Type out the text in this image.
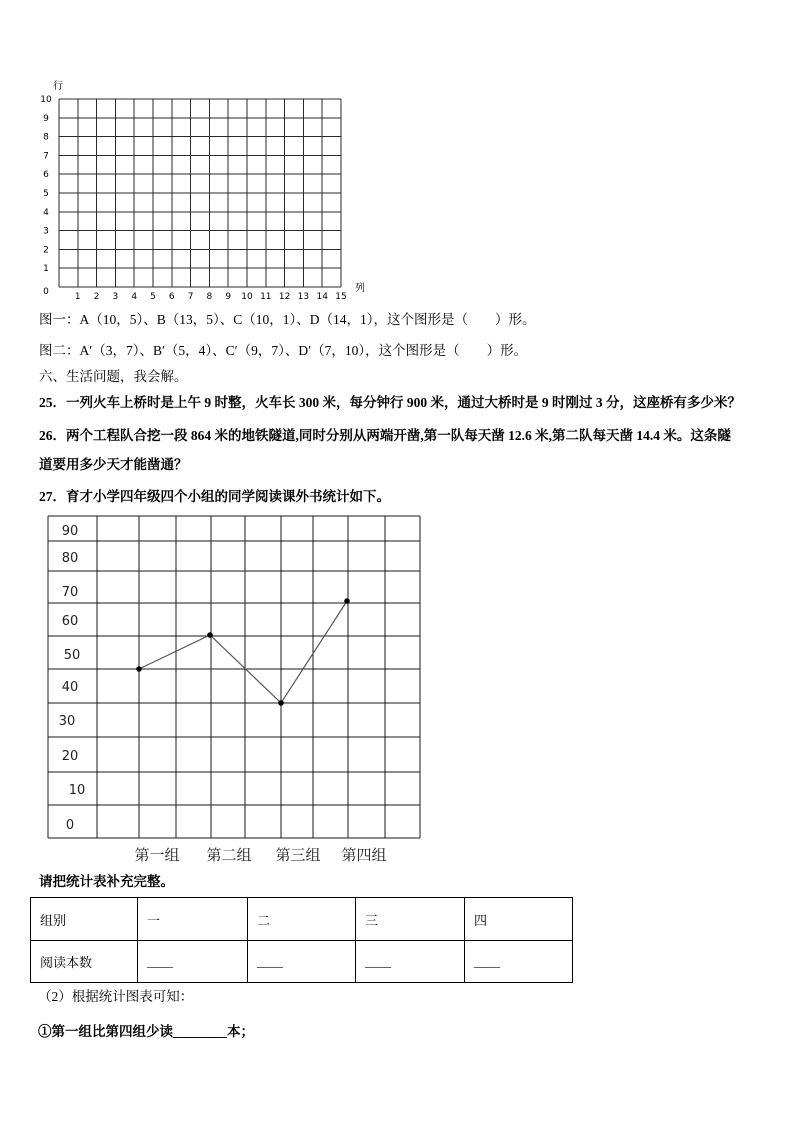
0
1
2
3
4
5
6
7
8
9
10
1 2 3 4 5 6 7 8 9 10 11 12 13 14 15
行
列
图一：A（10，5）、B（13，5）、C（10，1）、D（14，1），这个图形是（　　）形。
图二：A′（3，7）、B′（5，4）、C′（9，7）、D′（7，10），这个图形是（　　）形。
六、生活问题，我会解。
25．一列火车上桥时是上午 9 时整，火车长 300 米，每分钟行 900 米，通过大桥时是 9 时刚过 3 分，这座桥有多少米？
26．两个工程队合挖一段 864 米的地铁隧道,同时分别从两端开凿,第一队每天凿 12.6 米,第二队每天凿 14.4 米。这条隧
道要用多少天才能凿通？
27．育才小学四年级四个小组的同学阅读课外书统计如下。
0
10
20
30
40
50
60
70
80
90
第一组 第二组 第三组 第四组
请把统计表补充完整。
组别	一	二	三	四
阅读本数	____	____	____	____
（2）根据统计图表可知：
①第一组比第四组少读________本；
